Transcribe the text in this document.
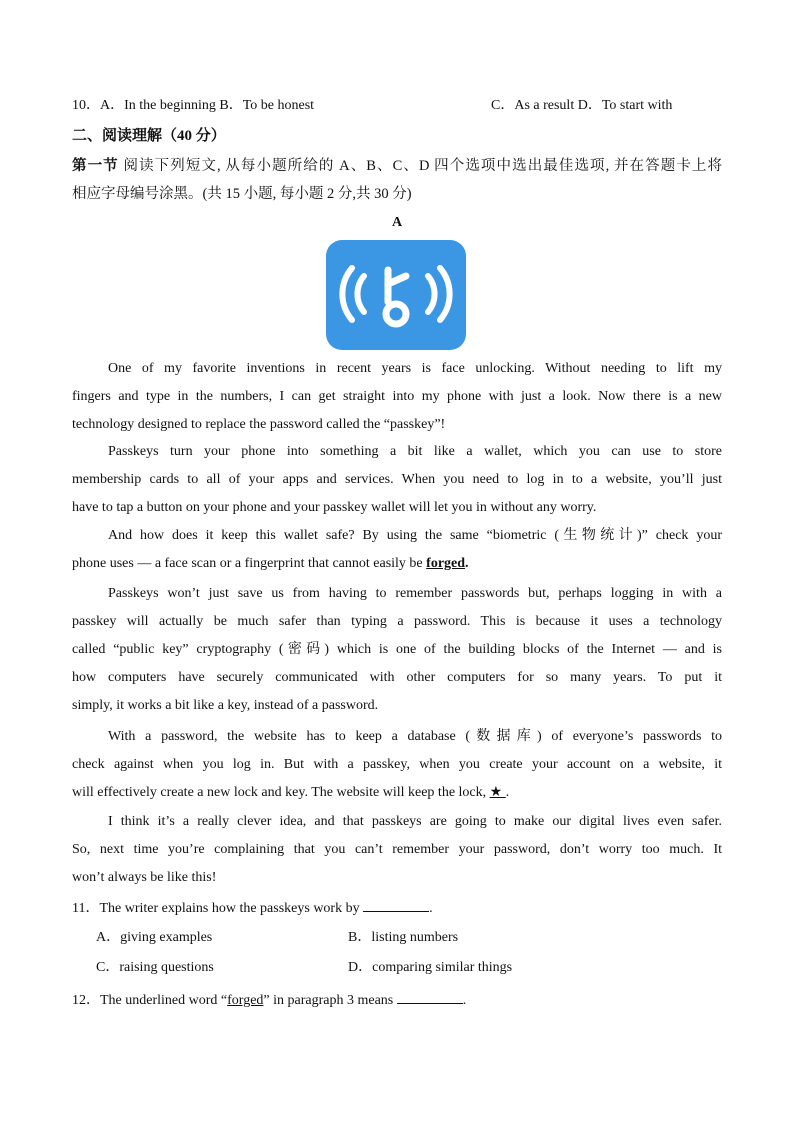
10．A．In the beginning B．To be honest	C．As a result D．To start with
二、阅读理解（40 分）
第一节 阅读下列短文, 从每小题所给的 A、B、C、D 四个选项中选出最佳选项, 并在答题卡上将
相应字母编号涂黑。(共 15 小题, 每小题 2 分,共 30 分)
A
One of my favorite inventions in recent years is face unlocking. Without needing to lift my
fingers and type in the numbers, I can get straight into my phone with just a look. Now there is a new
technology designed to replace the password called the “passkey”!
Passkeys turn your phone into something a bit like a wallet, which you can use to store
membership cards to all of your apps and services. When you need to log in to a website, you’ll just
have to tap a button on your phone and your passkey wallet will let you in without any worry.
And how does it keep this wallet safe? By using the same “biometric (生物统计)” check your
phone uses — a face scan or a fingerprint that cannot easily be forged.
Passkeys won’t just save us from having to remember passwords but, perhaps logging in with a
passkey will actually be much safer than typing a password. This is because it uses a technology
called “public key” cryptography (密码) which is one of the building blocks of the Internet — and is
how computers have securely communicated with other computers for so many years. To put it
simply, it works a bit like a key, instead of a password.
With a password, the website has to keep a database (数据库) of everyone’s passwords to
check against when you log in. But with a passkey, when you create your account on a website, it
will effectively create a new lock and key. The website will keep the lock, ★ .
I think it’s a really clever idea, and that passkeys are going to make our digital lives even safer.
So, next time you’re complaining that you can’t remember your password, don’t worry too much. It
won’t always be like this!
11．The writer explains how the passkeys work by	.
A．giving examples	B．listing numbers
C．raising questions	D．comparing similar things
12．The underlined word “forged” in paragraph 3 means	.
